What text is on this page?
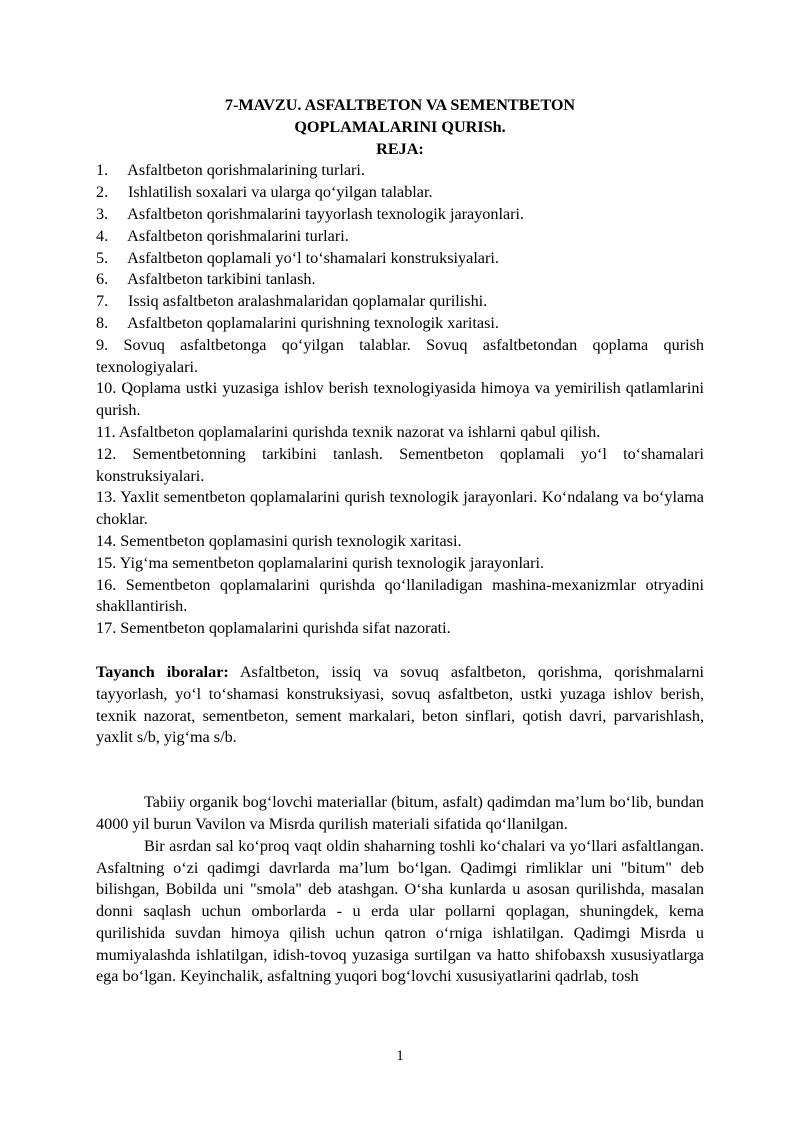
7-MAVZU. ASFALTBETON VA SEMENTBETON
QOPLAMALARINI QURISh.
REJA:
1. Asfaltbeton qorishmalarining turlari.
2. Ishlatilish soxalari va ularga qo‘yilgan talablar.
3. Asfaltbeton qorishmalarini tayyorlash texnologik jarayonlari.
4. Asfaltbeton qorishmalarini turlari.
5. Asfaltbeton qoplamali yo‘l to‘shamalari konstruksiyalari.
6. Asfaltbeton tarkibini tanlash.
7. Issiq asfaltbeton aralashmalaridan qoplamalar qurilishi.
8. Asfaltbeton qoplamalarini qurishning texnologik xaritasi.
9. Sovuq asfaltbetonga qo‘yilgan talablar. Sovuq asfaltbetondan qoplama qurish texnologiyalari.
10. Qoplama ustki yuzasiga ishlov berish texnologiyasida himoya va yemirilish qatlamlarini qurish.
11. Asfaltbeton qoplamalarini qurishda texnik nazorat va ishlarni qabul qilish.
12. Sementbetonning tarkibini tanlash. Sementbeton qoplamali yo‘l to‘shamalari konstruksiyalari.
13. Yaxlit sementbeton qoplamalarini qurish texnologik jarayonlari. Ko‘ndalang va bo‘ylama choklar.
14. Sementbeton qoplamasini qurish texnologik xaritasi.
15. Yig‘ma sementbeton qoplamalarini qurish texnologik jarayonlari.
16. Sementbeton qoplamalarini qurishda qo‘llaniladigan mashina-mexanizmlar otryadini shakllantirish.
17. Sementbeton qoplamalarini qurishda sifat nazorati.
Tayanch iboralar: Asfaltbeton, issiq va sovuq asfaltbeton, qorishma, qorishmalarni tayyorlash, yo‘l to‘shamasi konstruksiyasi, sovuq asfaltbeton, ustki yuzaga ishlov berish, texnik nazorat, sementbeton, sement markalari, beton sinflari, qotish davri, parvarishlash, yaxlit s/b, yig‘ma s/b.

Tabiiy organik bog‘lovchi materiallar (bitum, asfalt) qadimdan ma’lum bo‘lib, bundan 4000 yil burun Vavilon va Misrda qurilish materiali sifatida qo‘llanilgan.

Bir asrdan sal ko‘proq vaqt oldin shaharning toshli ko‘chalari va yo‘llari asfaltlangan. Asfaltning o‘zi qadimgi davrlarda ma’lum bo‘lgan. Qadimgi rimliklar uni "bitum" deb bilishgan, Bobilda uni "smola" deb atashgan. O‘sha kunlarda u asosan qurilishda, masalan donni saqlash uchun omborlarda - u erda ular pollarni qoplagan, shuningdek, kema qurilishida suvdan himoya qilish uchun qatron o‘rniga ishlatilgan. Qadimgi Misrda u mumiyalashda ishlatilgan, idish-tovoq yuzasiga surtilgan va hatto shifobaxsh xususiyatlarga ega bo‘lgan. Keyinchalik, asfaltning yuqori bog‘lovchi xususiyatlarini qadrlab, tosh

1
